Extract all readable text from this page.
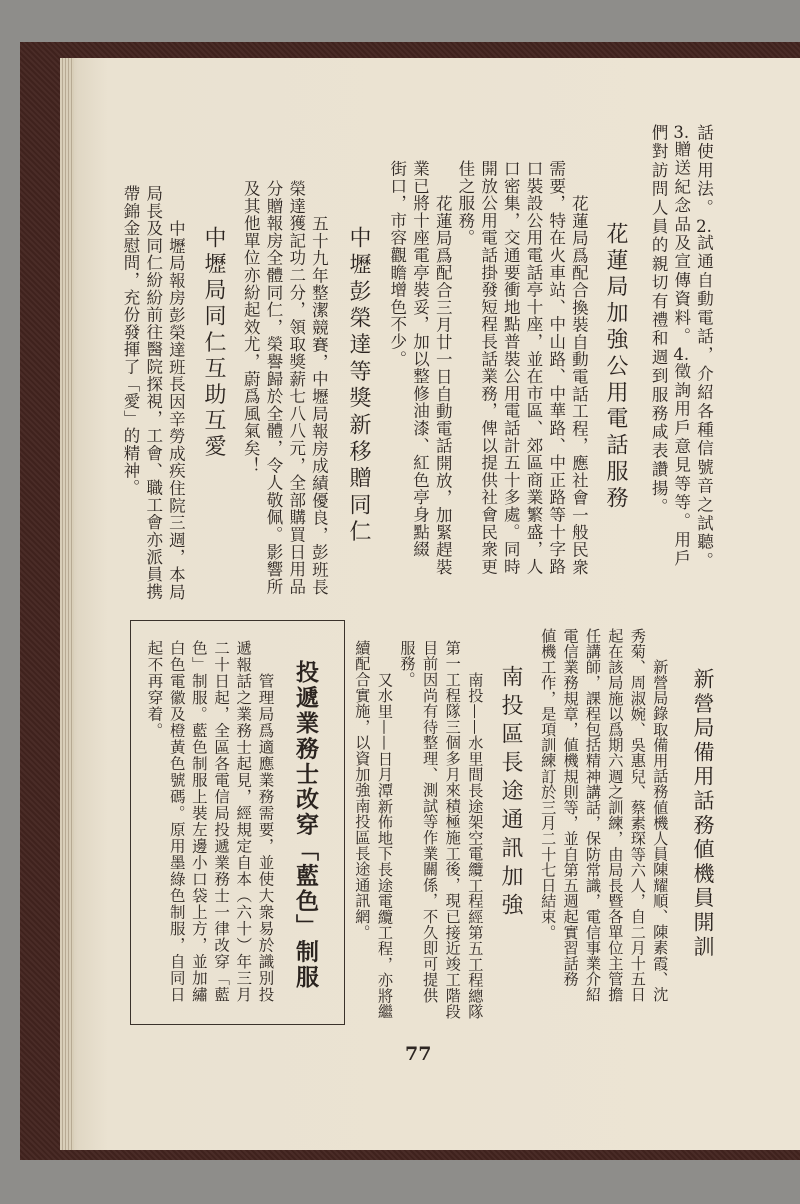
話使用法。2.試通自動電話，介紹各種信號音之試聽。
3.贈送紀念品及宣傳資料。4.徵詢用戶意見等等。用戶
們對訪問人員的親切有禮和週到服務咸表讚揚。
花蓮局加強公用電話服務
花蓮局爲配合換裝自動電話工程，應社會一般民衆
需要，特在火車站、中山路、中華路、中正路等十字路
口裝設公用電話亭十座，並在市區、郊區商業繁盛，人
口密集，交通要衝地點普裝公用電話計五十多處。同時
開放公用電話掛發短程長話業務，俾以提供社會民衆更
佳之服務。
花蓮局爲配合三月廿一日自動電話開放，加緊趕裝
業已將十座電亭裝妥，加以整修油漆、紅色亭身點綴
街口，市容觀瞻增色不少。
中壢彭榮達等獎新移贈同仁
五十九年整潔競賽，中壢局報房成績優良，彭班長
榮達獲記功二分，領取獎薪七八八元，全部購買日用品
分贈報房全體同仁，榮譽歸於全體，令人敬佩。影響所
及其他單位亦紛起效尤，蔚爲風氣矣！
中壢局同仁互助互愛
中壢局報房彭榮達班長因辛勞成疾住院三週，本局
局長及同仁紛紛前往醫院探視，工會、職工會亦派員携
帶錦金慰問，充份發揮了「愛」的精神。
新營局備用話務値機員開訓
新營局錄取備用話務値機人員陳耀順、陳素霞、沈
秀菊、周淑婉、吳惠兒、蔡素琛等六人，自二月十五日
起在該局施以爲期六週之訓練，由局長暨各單位主管擔
任講師，課程包括精神講話，保防常識，電信事業介紹
電信業務規章，値機規則等，並自第五週起實習話務
値機工作，是項訓練訂於三月二十七日結束。
南投區長途通訊加強
南投——水里間長途架空電纜工程經第五工程總隊
第一工程隊三個多月來積極施工後，現已接近竣工階段
目前因尚有待整理、測試等作業關係，不久即可提供
服務。
又水里——日月潭新佈地下長途電纜工程，亦將繼
續配合實施，以資加強南投區長途通訊網。
投遞業務士改穿「藍色」制服
管理局爲適應業務需要，並使大衆易於識別投
遞報話之業務士起見，經規定自本（六十）年三月
二十日起，全區各電信局投遞業務士一律改穿「藍
色」制服。藍色制服上裝左邊小口袋上方，並加繡
白色電徽及橙黃色號碼。原用墨綠色制服，自同日
起不再穿着。
77
